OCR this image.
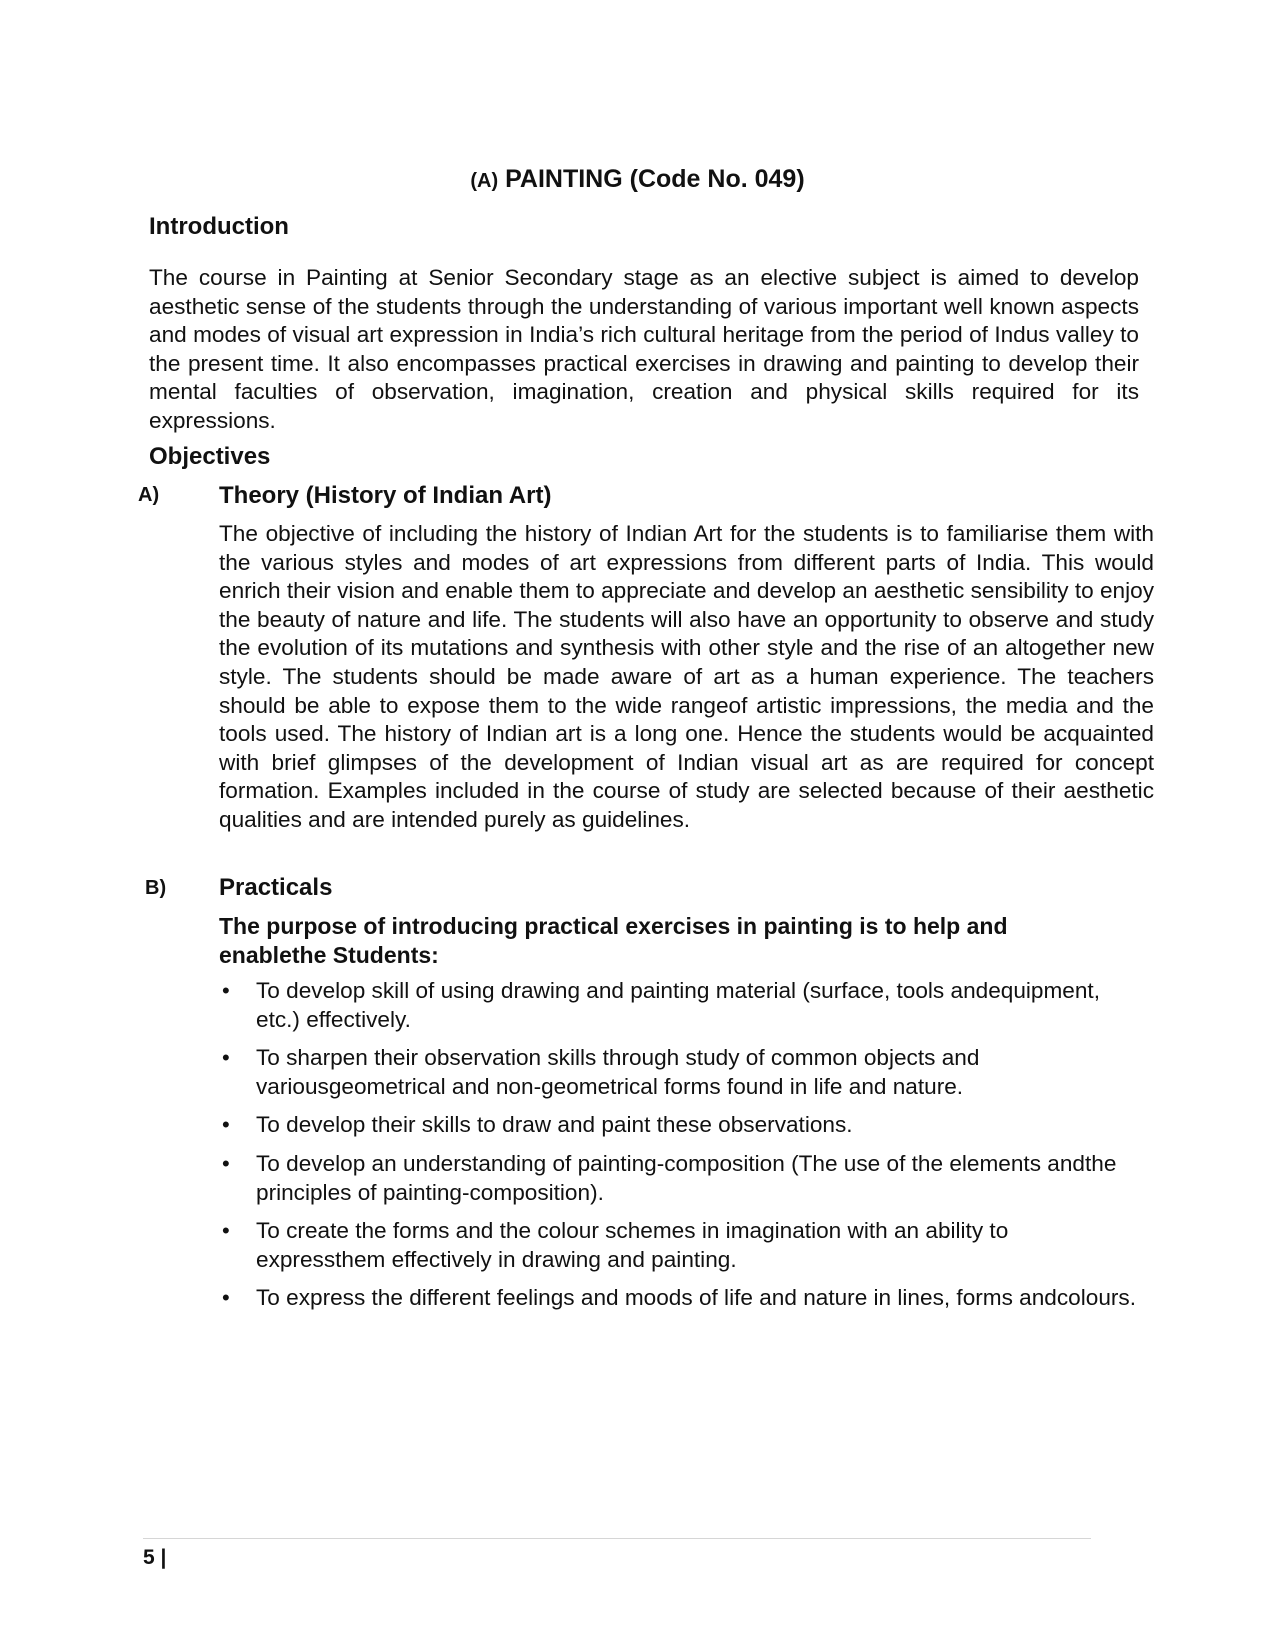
(A) PAINTING (Code No. 049)
Introduction

The course in Painting at Senior Secondary stage as an elective subject is aimed to develop aesthetic sense of the students through the understanding of various important well known aspects and modes of visual art expression in India’s rich cultural heritage from the period of Indus valley to the present time. It also encompasses practical exercises in drawing and painting to develop their mental faculties of observation, imagination, creation and physical skills required for its expressions.

Objectives
A) Theory (History of Indian Art)

The objective of including the history of Indian Art for the students is to familiarise them with the various styles and modes of art expressions from different parts of India. This would enrich their vision and enable them to appreciate and develop an aesthetic sensibility to enjoy the beauty of nature and life. The students will also have an opportunity to observe and study the evolution of its mutations and synthesis with other style and the rise of an altogether new style. The students should be made aware of art as a human experience. The teachers should be able to expose them to the wide rangeof artistic impressions, the media and the tools used. The history of Indian art is a long one. Hence the students would be acquainted with brief glimpses of the development of Indian visual art as are required for concept formation. Examples included in the course of study are selected because of their aesthetic qualities and are intended purely as guidelines.

B) Practicals

The purpose of introducing practical exercises in painting is to help and enablethe Students:

• To develop skill of using drawing and painting material (surface, tools andequipment, etc.) effectively.
• To sharpen their observation skills through study of common objects and variousgeometrical and non-geometrical forms found in life and nature.
• To develop their skills to draw and paint these observations.
• To develop an understanding of painting-composition (The use of the elements andthe principles of painting-composition).
• To create the forms and the colour schemes in imagination with an ability to expressthem effectively in drawing and painting.
• To express the different feelings and moods of life and nature in lines, forms andcolours.
5 |
